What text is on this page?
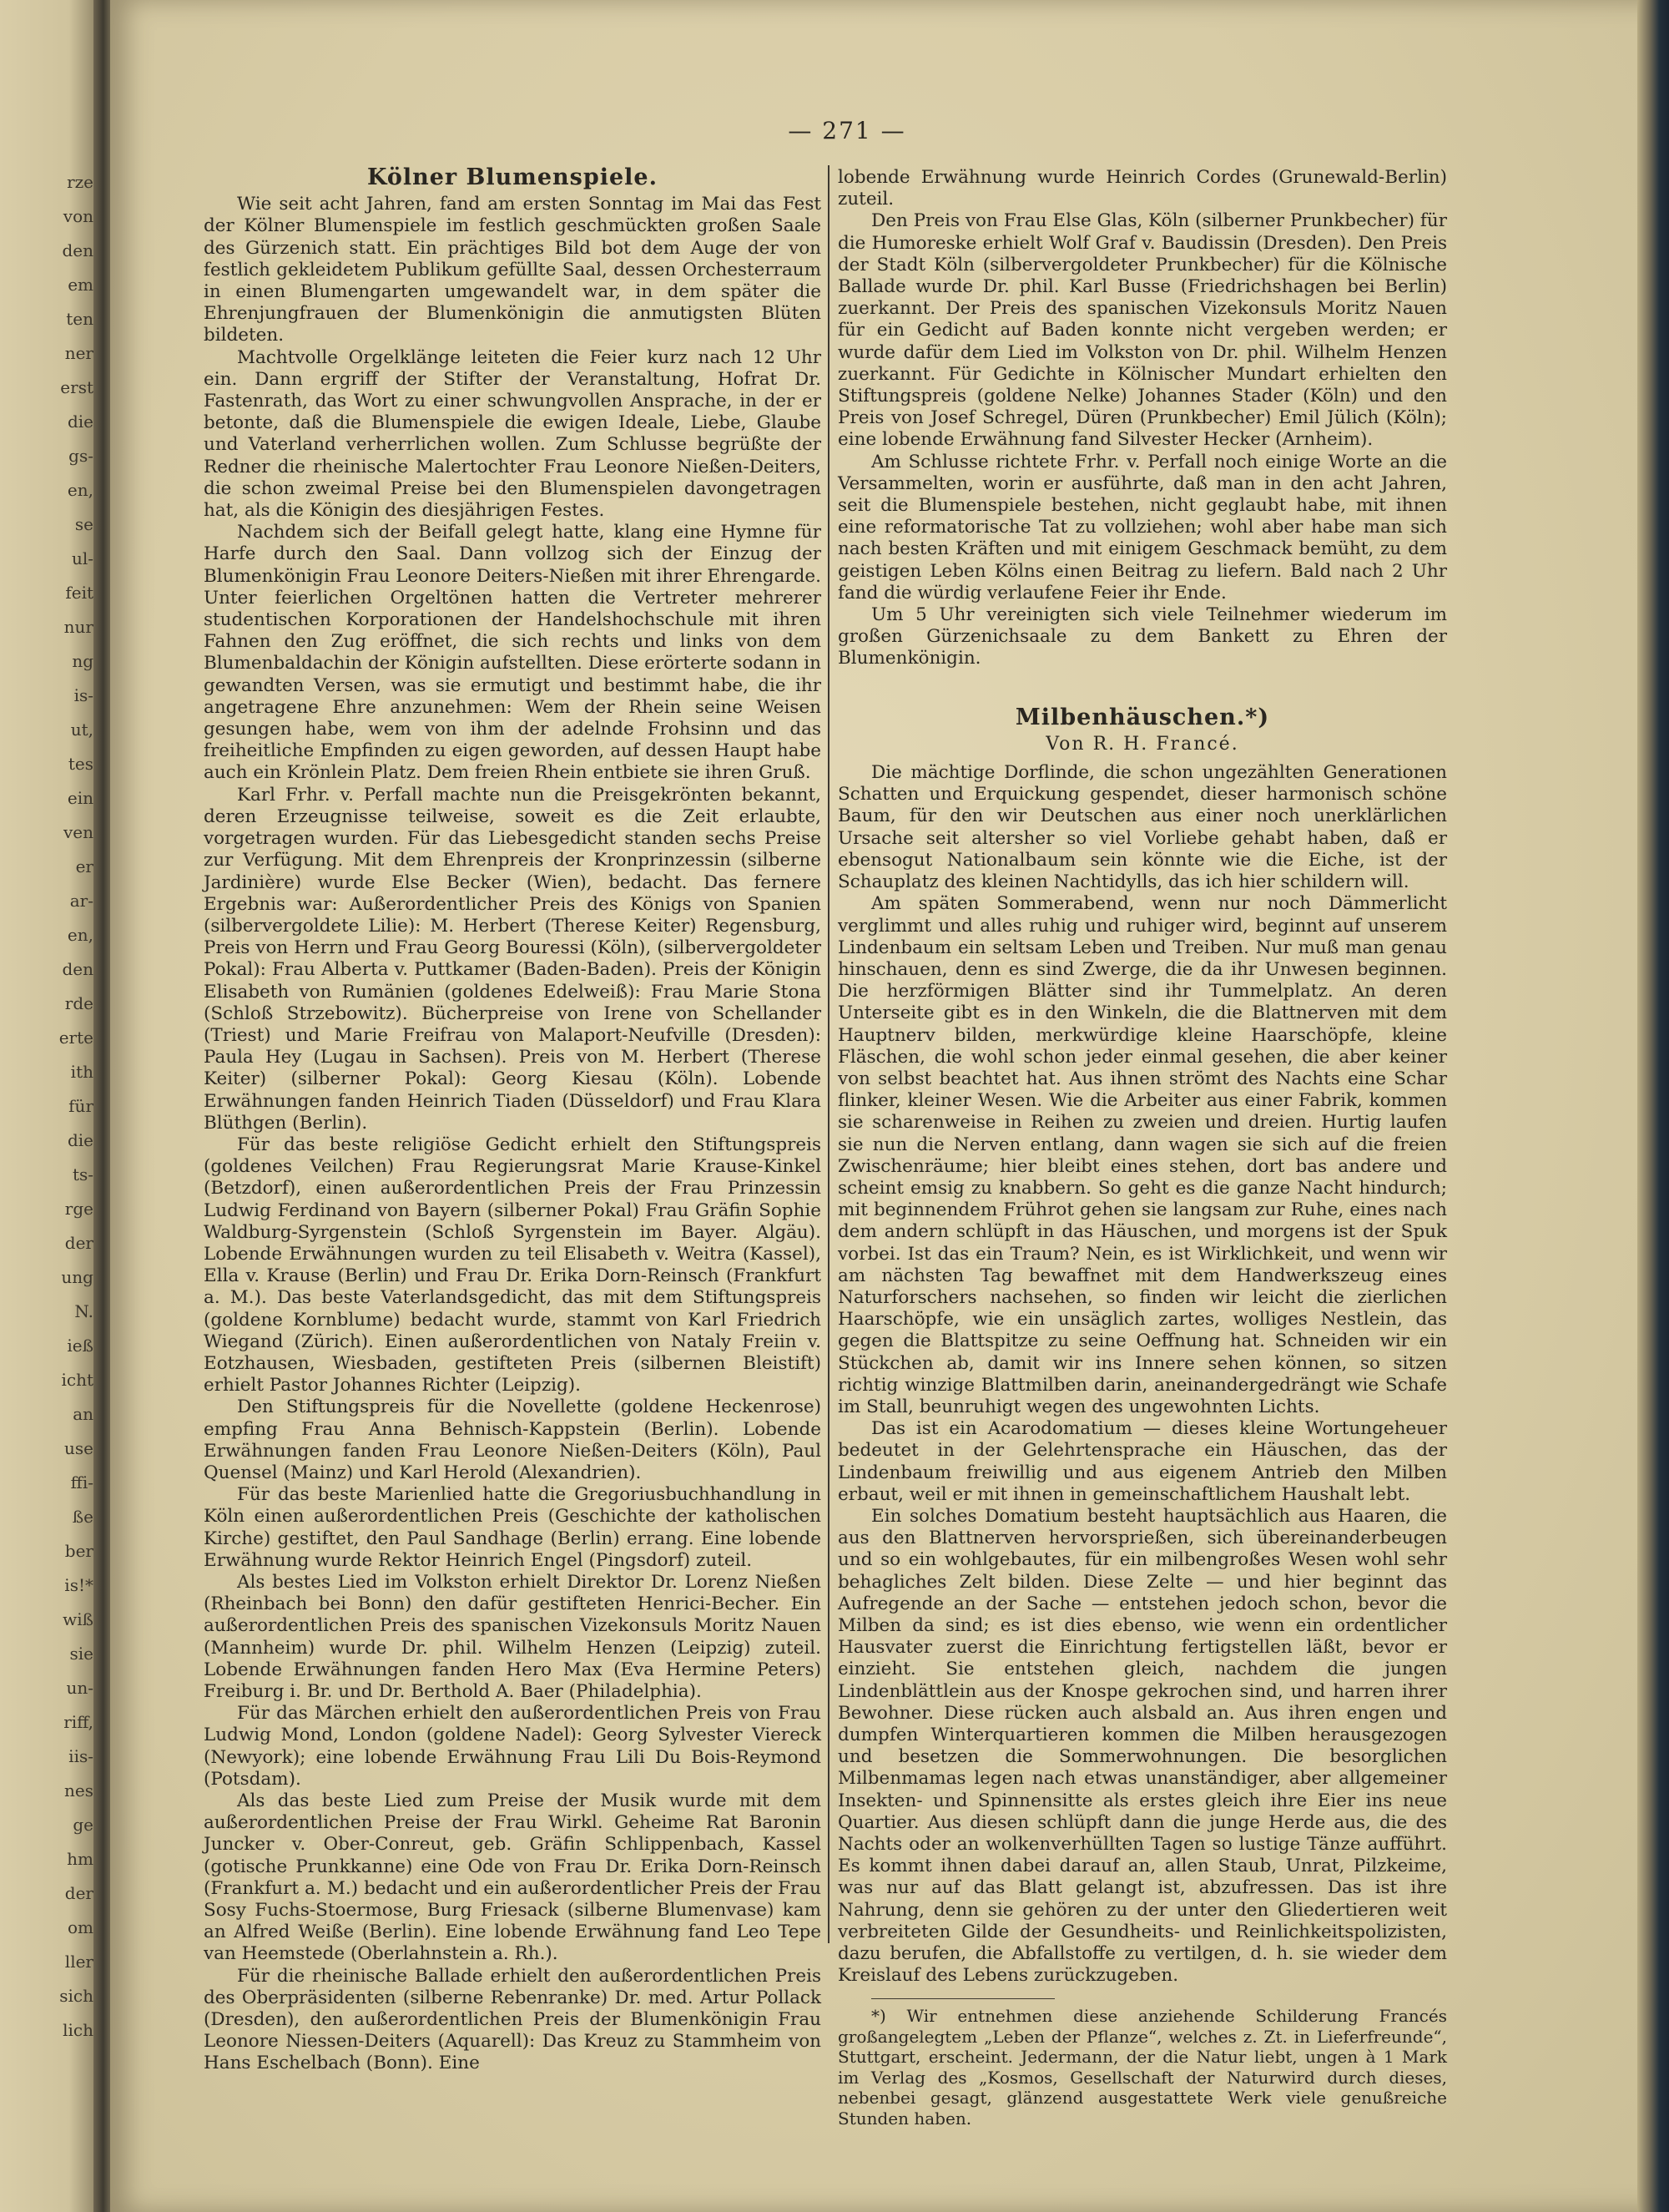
rze
von
den
em
ten
ner
erst
die
gs-
en,
se
ul-
feit
nur
ng
is-
ut,
tes
ein
ven
er
ar-
en,
den
rde
erte
ith
für
die
ts-
rge
der
ung
N.
ieß
icht
an
use
ffi-
ße
ber
is!*
wiß
sie
un-
riff,
iis-
nes
ge
hm
der
om
ller
sich
lich
— 271 —
Kölner Blumenspiele.

Wie seit acht Jahren, fand am ersten Sonntag im Mai das Fest der Kölner Blumenspiele im festlich geschmückten großen Saale des Gürzenich statt. Ein prächtiges Bild bot dem Auge der von festlich gekleidetem Publikum gefüllte Saal, dessen Orchesterraum in einen Blumengarten umgewandelt war, in dem später die Ehrenjungfrauen der Blumenkönigin die anmutigsten Blüten bildeten.

Machtvolle Orgelklänge leiteten die Feier kurz nach 12 Uhr ein. Dann ergriff der Stifter der Veranstaltung, Hofrat Dr. Fastenrath, das Wort zu einer schwungvollen Ansprache, in der er betonte, daß die Blumenspiele die ewigen Ideale, Liebe, Glaube und Vaterland verherrlichen wollen. Zum Schlusse begrüßte der Redner die rheinische Malertochter Frau Leonore Nießen-Deiters, die schon zweimal Preise bei den Blumenspielen davongetragen hat, als die Königin des diesjährigen Festes.

Nachdem sich der Beifall gelegt hatte, klang eine Hymne für Harfe durch den Saal. Dann vollzog sich der Einzug der Blumenkönigin Frau Leonore Deiters-Nießen mit ihrer Ehrengarde. Unter feierlichen Orgeltönen hatten die Vertreter mehrerer studentischen Korporationen der Handelshochschule mit ihren Fahnen den Zug eröffnet, die sich rechts und links von dem Blumenbaldachin der Königin aufstellten. Diese erörterte sodann in gewandten Versen, was sie ermutigt und bestimmt habe, die ihr angetragene Ehre anzunehmen: Wem der Rhein seine Weisen gesungen habe, wem von ihm der adelnde Frohsinn und das freiheitliche Empfinden zu eigen geworden, auf dessen Haupt habe auch ein Krönlein Platz. Dem freien Rhein entbiete sie ihren Gruß.

Karl Frhr. v. Perfall machte nun die Preisgekrönten bekannt, deren Erzeugnisse teilweise, soweit es die Zeit erlaubte, vorgetragen wurden. Für das Liebesgedicht standen sechs Preise zur Verfügung. Mit dem Ehrenpreis der Kronprinzessin (silberne Jardinière) wurde Else Becker (Wien), bedacht. Das fernere Ergebnis war: Außerordentlicher Preis des Königs von Spanien (silbervergoldete Lilie): M. Herbert (Therese Keiter) Regensburg, Preis von Herrn und Frau Georg Bouressi (Köln), (silbervergoldeter Pokal): Frau Alberta v. Puttkamer (Baden-Baden). Preis der Königin Elisabeth von Rumänien (goldenes Edelweiß): Frau Marie Stona (Schloß Strzebowitz). Bücherpreise von Irene von Schellander (Triest) und Marie Freifrau von Malaport-Neufville (Dresden): Paula Hey (Lugau in Sachsen). Preis von M. Herbert (Therese Keiter) (silberner Pokal): Georg Kiesau (Köln). Lobende Erwähnungen fanden Heinrich Tiaden (Düsseldorf) und Frau Klara Blüthgen (Berlin).

Für das beste religiöse Gedicht erhielt den Stiftungspreis (goldenes Veilchen) Frau Regierungsrat Marie Krause-Kinkel (Betzdorf), einen außerordentlichen Preis der Frau Prinzessin Ludwig Ferdinand von Bayern (silberner Pokal) Frau Gräfin Sophie Waldburg-Syrgenstein (Schloß Syrgenstein im Bayer. Algäu). Lobende Erwähnungen wurden zu teil Elisabeth v. Weitra (Kassel), Ella v. Krause (Berlin) und Frau Dr. Erika Dorn-Reinsch (Frankfurt a. M.). Das beste Vaterlandsgedicht, das mit dem Stiftungspreis (goldene Kornblume) bedacht wurde, stammt von Karl Friedrich Wiegand (Zürich). Einen außerordentlichen von Nataly Freiin v. Eotzhausen, Wiesbaden, gestifteten Preis (silbernen Bleistift) erhielt Pastor Johannes Richter (Leipzig).

Den Stiftungspreis für die Novellette (goldene Heckenrose) empfing Frau Anna Behnisch-Kappstein (Berlin). Lobende Erwähnungen fanden Frau Leonore Nießen-Deiters (Köln), Paul Quensel (Mainz) und Karl Herold (Alexandrien).

Für das beste Marienlied hatte die Gregoriusbuchhandlung in Köln einen außerordentlichen Preis (Geschichte der katholischen Kirche) gestiftet, den Paul Sandhage (Berlin) errang. Eine lobende Erwähnung wurde Rektor Heinrich Engel (Pingsdorf) zuteil.

Als bestes Lied im Volkston erhielt Direktor Dr. Lorenz Nießen (Rheinbach bei Bonn) den dafür gestifteten Henrici-Becher. Ein außerordentlichen Preis des spanischen Vizekonsuls Moritz Nauen (Mannheim) wurde Dr. phil. Wilhelm Henzen (Leipzig) zuteil. Lobende Erwähnungen fanden Hero Max (Eva Hermine Peters) Freiburg i. Br. und Dr. Berthold A. Baer (Philadelphia).

Für das Märchen erhielt den außerordentlichen Preis von Frau Ludwig Mond, London (goldene Nadel): Georg Sylvester Viereck (Newyork); eine lobende Erwähnung Frau Lili Du Bois-Reymond (Potsdam).

Als das beste Lied zum Preise der Musik wurde mit dem außerordentlichen Preise der Frau Wirkl. Geheime Rat Baronin Juncker v. Ober-Conreut, geb. Gräfin Schlippenbach, Kassel (gotische Prunkkanne) eine Ode von Frau Dr. Erika Dorn-Reinsch (Frankfurt a. M.) bedacht und ein außerordentlicher Preis der Frau Sosy Fuchs-Stoermose, Burg Friesack (silberne Blumenvase) kam an Alfred Weiße (Berlin). Eine lobende Erwähnung fand Leo Tepe van Heemstede (Oberlahnstein a. Rh.).

Für die rheinische Ballade erhielt den außerordentlichen Preis des Oberpräsidenten (silberne Rebenranke) Dr. med. Artur Pollack (Dresden), den außerordentlichen Preis der Blumenkönigin Frau Leonore Niessen-Deiters (Aquarell): Das Kreuz zu Stammheim von Hans Eschelbach (Bonn). Eine

lobende Erwähnung wurde Heinrich Cordes (Grunewald-Berlin) zuteil.

Den Preis von Frau Else Glas, Köln (silberner Prunkbecher) für die Humoreske erhielt Wolf Graf v. Baudissin (Dresden). Den Preis der Stadt Köln (silbervergoldeter Prunkbecher) für die Kölnische Ballade wurde Dr. phil. Karl Busse (Friedrichshagen bei Berlin) zuerkannt. Der Preis des spanischen Vizekonsuls Moritz Nauen für ein Gedicht auf Baden konnte nicht vergeben werden; er wurde dafür dem Lied im Volkston von Dr. phil. Wilhelm Henzen zuerkannt. Für Gedichte in Kölnischer Mundart erhielten den Stiftungspreis (goldene Nelke) Johannes Stader (Köln) und den Preis von Josef Schregel, Düren (Prunkbecher) Emil Jülich (Köln); eine lobende Erwähnung fand Silvester Hecker (Arnheim).

Am Schlusse richtete Frhr. v. Perfall noch einige Worte an die Versammelten, worin er ausführte, daß man in den acht Jahren, seit die Blumenspiele bestehen, nicht geglaubt habe, mit ihnen eine reformatorische Tat zu vollziehen; wohl aber habe man sich nach besten Kräften und mit einigem Geschmack bemüht, zu dem geistigen Leben Kölns einen Beitrag zu liefern. Bald nach 2 Uhr fand die würdig verlaufene Feier ihr Ende.

Um 5 Uhr vereinigten sich viele Teilnehmer wiederum im großen Gürzenichsaale zu dem Bankett zu Ehren der Blumenkönigin.

Milbenhäuschen.*)
Von R. H. Francé.

Die mächtige Dorflinde, die schon ungezählten Generationen Schatten und Erquickung gespendet, dieser harmonisch schöne Baum, für den wir Deutschen aus einer noch unerklärlichen Ursache seit altersher so viel Vorliebe gehabt haben, daß er ebensogut Nationalbaum sein könnte wie die Eiche, ist der Schauplatz des kleinen Nachtidylls, das ich hier schildern will.

Am späten Sommerabend, wenn nur noch Dämmerlicht verglimmt und alles ruhig und ruhiger wird, beginnt auf unserem Lindenbaum ein seltsam Leben und Treiben. Nur muß man genau hinschauen, denn es sind Zwerge, die da ihr Unwesen beginnen. Die herzförmigen Blätter sind ihr Tummelplatz. An deren Unterseite gibt es in den Winkeln, die die Blattnerven mit dem Hauptnerv bilden, merkwürdige kleine Haarschöpfe, kleine Fläschen, die wohl schon jeder einmal gesehen, die aber keiner von selbst beachtet hat. Aus ihnen strömt des Nachts eine Schar flinker, kleiner Wesen. Wie die Arbeiter aus einer Fabrik, kommen sie scharenweise in Reihen zu zweien und dreien. Hurtig laufen sie nun die Nerven entlang, dann wagen sie sich auf die freien Zwischenräume; hier bleibt eines stehen, dort bas andere und scheint emsig zu knabbern. So geht es die ganze Nacht hindurch; mit beginnendem Frührot gehen sie langsam zur Ruhe, eines nach dem andern schlüpft in das Häuschen, und morgens ist der Spuk vorbei. Ist das ein Traum? Nein, es ist Wirklichkeit, und wenn wir am nächsten Tag bewaffnet mit dem Handwerkszeug eines Naturforschers nachsehen, so finden wir leicht die zierlichen Haarschöpfe, wie ein unsäglich zartes, wolliges Nestlein, das gegen die Blattspitze zu seine Oeffnung hat. Schneiden wir ein Stückchen ab, damit wir ins Innere sehen können, so sitzen richtig winzige Blattmilben darin, aneinandergedrängt wie Schafe im Stall, beunruhigt wegen des ungewohnten Lichts.

Das ist ein Acarodomatium — dieses kleine Wortungeheuer bedeutet in der Gelehrtensprache ein Häuschen, das der Lindenbaum freiwillig und aus eigenem Antrieb den Milben erbaut, weil er mit ihnen in gemeinschaftlichem Haushalt lebt.

Ein solches Domatium besteht hauptsächlich aus Haaren, die aus den Blattnerven hervorsprießen, sich übereinanderbeugen und so ein wohlgebautes, für ein milbengroßes Wesen wohl sehr behagliches Zelt bilden. Diese Zelte — und hier beginnt das Aufregende an der Sache — entstehen jedoch schon, bevor die Milben da sind; es ist dies ebenso, wie wenn ein ordentlicher Hausvater zuerst die Einrichtung fertigstellen läßt, bevor er einzieht. Sie entstehen gleich, nachdem die jungen Lindenblättlein aus der Knospe gekrochen sind, und harren ihrer Bewohner. Diese rücken auch alsbald an. Aus ihren engen und dumpfen Winterquartieren kommen die Milben herausgezogen und besetzen die Sommerwohnungen. Die besorglichen Milbenmamas legen nach etwas unanständiger, aber allgemeiner Insekten- und Spinnensitte als erstes gleich ihre Eier ins neue Quartier. Aus diesen schlüpft dann die junge Herde aus, die des Nachts oder an wolkenverhüllten Tagen so lustige Tänze aufführt. Es kommt ihnen dabei darauf an, allen Staub, Unrat, Pilzkeime, was nur auf das Blatt gelangt ist, abzufressen. Das ist ihre Nahrung, denn sie gehören zu der unter den Gliedertieren weit verbreiteten Gilde der Gesundheits- und Reinlichkeitspolizisten, dazu berufen, die Abfallstoffe zu vertilgen, d. h. sie wieder dem Kreislauf des Lebens zurückzugeben.

*) Wir entnehmen diese anziehende Schilderung Francés großangelegtem „Leben der Pflanze“, welches z. Zt. in Lieferfreunde“, Stuttgart, erscheint. Jedermann, der die Natur liebt, ungen à 1 Mark im Verlag des „Kosmos, Gesellschaft der Naturwird durch dieses, nebenbei gesagt, glänzend ausgestattete Werk viele genußreiche Stunden haben.
